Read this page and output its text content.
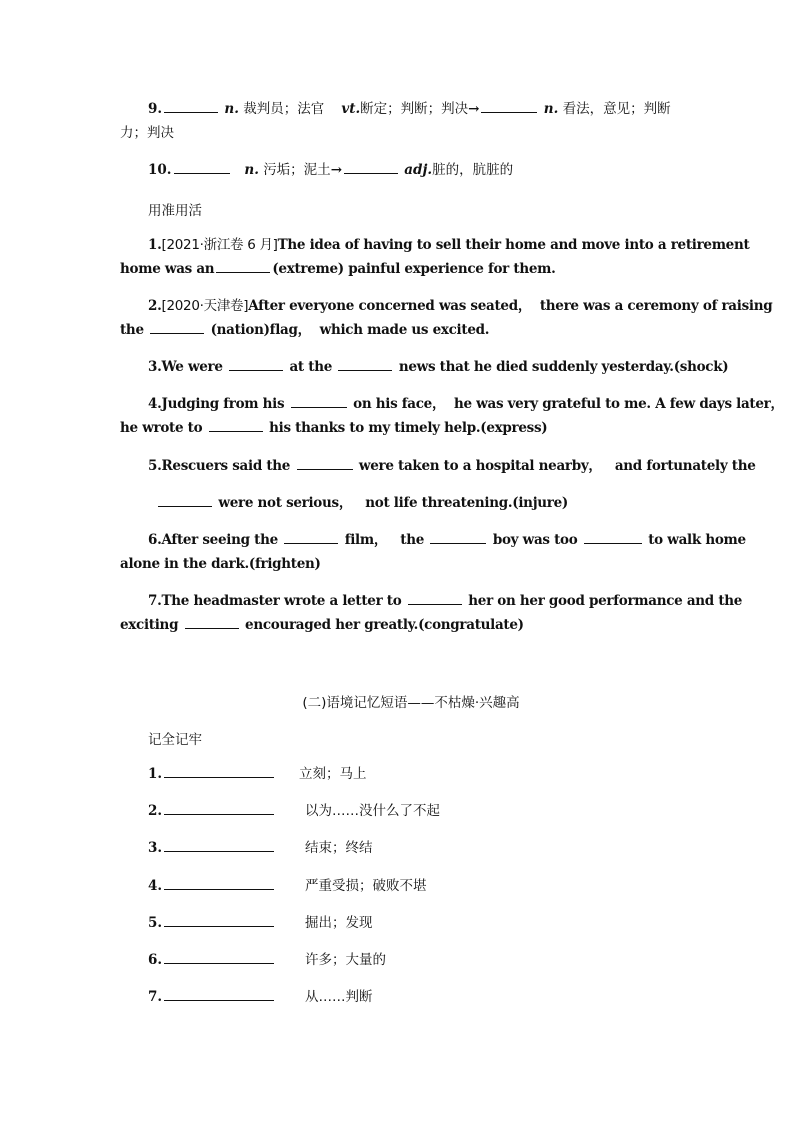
9.	n. 裁判员；法官 vt.断定；判断；判决→	n. 看法，意见；判断
力；判决
10.	n. 污垢；泥土→	adj.脏的，肮脏的
用准用活
1.[2021·浙江卷 6 月]The idea of having to sell their home and move into a retirement
home was an	(extreme) painful experience for them.
2.[2020·天津卷]After everyone concerned was seated， there was a ceremony of raising
the	(nation)flag， which made us excited.
3.We were	at the	news that he died suddenly yesterday.(shock)
4.Judging from his	on his face， he was very grateful to me. A few days later，
he wrote to	his thanks to my timely help.(express)
5.Rescuers said the	were taken to a hospital nearby， and fortunately the
were not serious， not life threatening.(injure)
6.After seeing the	film， the	boy was too	to walk home
alone in the dark.(frighten)
7.The headmaster wrote a letter to	her on her good performance and the
exciting	encouraged her greatly.(congratulate)
(二)语境记忆短语——不枯燥·兴趣高
记全记牢
1.	立刻；马上
2.	以为……没什么了不起
3.	结束；终结
4.	严重受损；破败不堪
5.	掘出；发现
6.	许多；大量的
7.	从……判断
